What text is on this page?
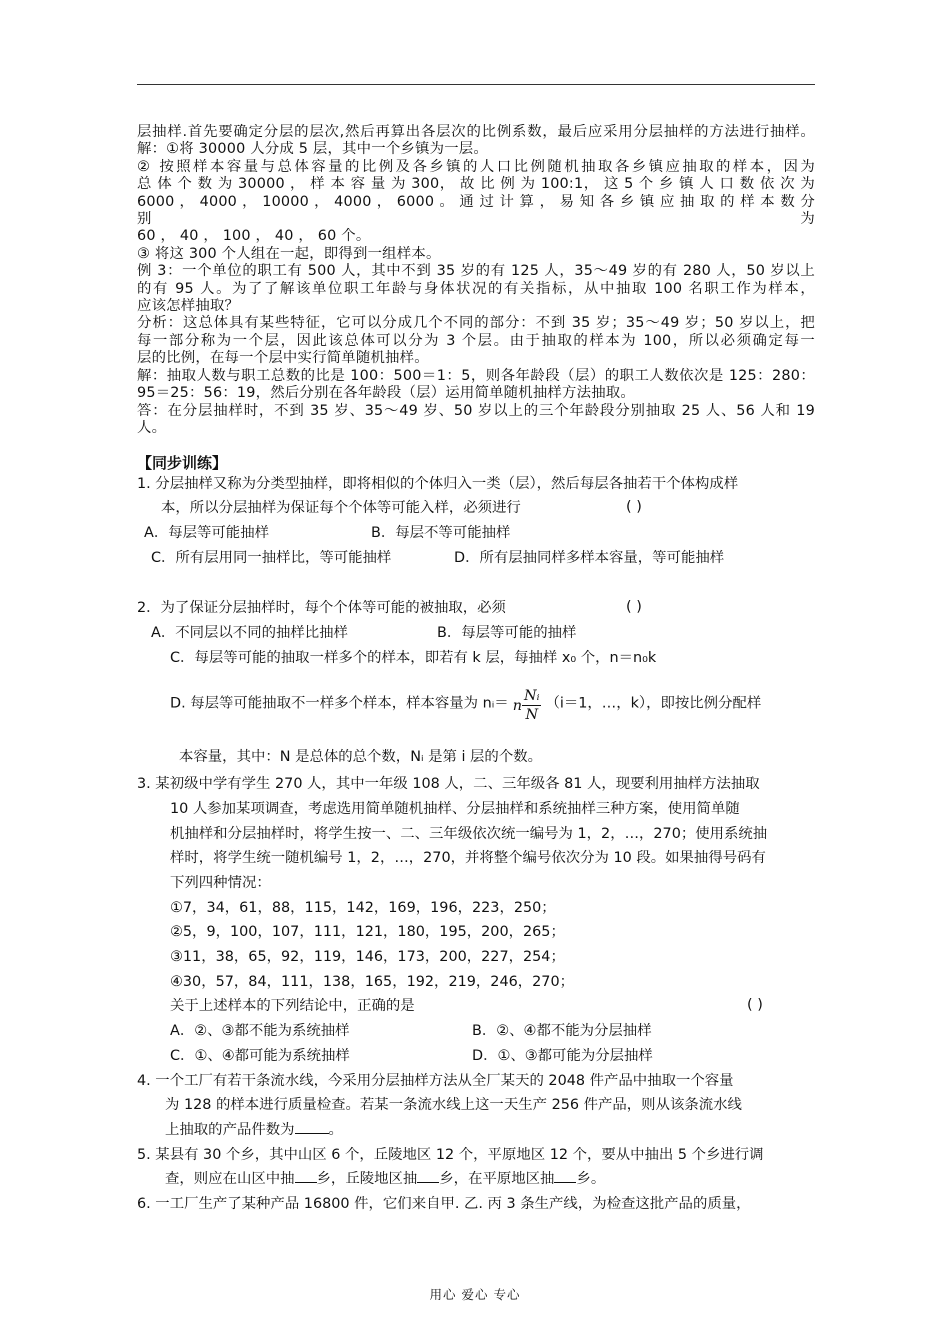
层抽样.首先要确定分层的层次,然后再算出各层次的比例系数，最后应采用分层抽样的方法进行抽样。

解：①将 30000 人分成 5 层，其中一个乡镇为一层。

② 按照样本容量与总体容量的比例及各乡镇的人口比例随机抽取各乡镇应抽取的样本，因为

总 体 个 数 为 30000 ， 样 本 容 量 为 300， 故 比 例 为 100:1， 这 5 个 乡 镇 人 口 数 依 次 为

6000 ， 4000 ， 10000 ， 4000 ， 6000 。 通 过 计 算 ， 易 知 各 乡 镇 应 抽 取 的 样 本 数 分 别 为

60 ， 40 ， 100 ， 40 ， 60 个。

③ 将这 300 个人组在一起，即得到一组样本。

例 3：一个单位的职工有 500 人，其中不到 35 岁的有 125 人，35～49 岁的有 280 人，50 岁以上

的有 95 人。为了了解该单位职工年龄与身体状况的有关指标，从中抽取 100 名职工作为样本，

应该怎样抽取？

分析：这总体具有某些特征，它可以分成几个不同的部分：不到 35 岁；35～49 岁；50 岁以上，把

每一部分称为一个层，因此该总体可以分为 3 个层。由于抽取的样本为 100，所以必须确定每一

层的比例，在每一个层中实行简单随机抽样。

解：抽取人数与职工总数的比是 100：500＝1：5，则各年龄段（层）的职工人数依次是 125：280：

95＝25：56：19，然后分别在各年龄段（层）运用简单随机抽样方法抽取。

答：在分层抽样时，不到 35 岁、35～49 岁、50 岁以上的三个年龄段分别抽取 25 人、56 人和 19

人。

【同步训练】
1. 分层抽样又称为分类型抽样，即将相似的个体归入一类（层），然后每层各抽若干个体构成样
本，所以分层抽样为保证每个个体等可能入样，必须进行	( )
A．每层等可能抽样	B．每层不等可能抽样
C．所有层用同一抽样比，等可能抽样	D．所有层抽同样多样本容量，等可能抽样
2．为了保证分层抽样时，每个个体等可能的被抽取，必须	( )
A．不同层以不同的抽样比抽样	B．每层等可能的抽样
C．每层等可能的抽取一样多个的样本，即若有 k 层，每抽样 x₀ 个，n＝n₀k
D. 每层等可能抽取不一样多个样本，样本容量为 nᵢ＝ n $\frac{\text{Nᵢ}}{N} (i=1$，…，k），即按比例分配样
本容量，其中：N 是总体的总个数，Nᵢ 是第 i 层的个数。
3. 某初级中学有学生 270 人，其中一年级 108 人，二、三年级各 81 人，现要利用抽样方法抽取
10 人参加某项调查，考虑选用简单随机抽样、分层抽样和系统抽样三种方案，使用简单随
机抽样和分层抽样时，将学生按一、二、三年级依次统一编号为 1，2，…，270；使用系统抽
样时，将学生统一随机编号 1，2，…，270，并将整个编号依次分为 10 段。如果抽得号码有
下列四种情况：
①7，34，61，88，115，142，169，196，223，250；
②5，9，100，107，111，121，180，195，200，265；
③11，38，65，92，119，146，173，200，227，254；
④30，57，84，111，138，165，192，219，246，270；
关于上述样本的下列结论中，正确的是	( )
A．②、③都不能为系统抽样	B．②、④都不能为分层抽样
C．①、④都可能为系统抽样	D．①、③都可能为分层抽样
4. 一个工厂有若干条流水线，今采用分层抽样方法从全厂某天的 2048 件产品中抽取一个容量
为 128 的样本进行质量检查。若某一条流水线上这一天生产 256 件产品，则从该条流水线
上抽取的产品件数为 。
5. 某县有 30 个乡，其中山区 6 个，丘陵地区 12 个，平原地区 12 个，要从中抽出 5 个乡进行调
查，则应在山区中抽 乡，丘陵地区抽 乡，在平原地区抽 乡。
6. 一工厂生产了某种产品 16800 件，它们来自甲. 乙. 丙 3 条生产线，为检查这批产品的质量，
用心 爱心 专心
